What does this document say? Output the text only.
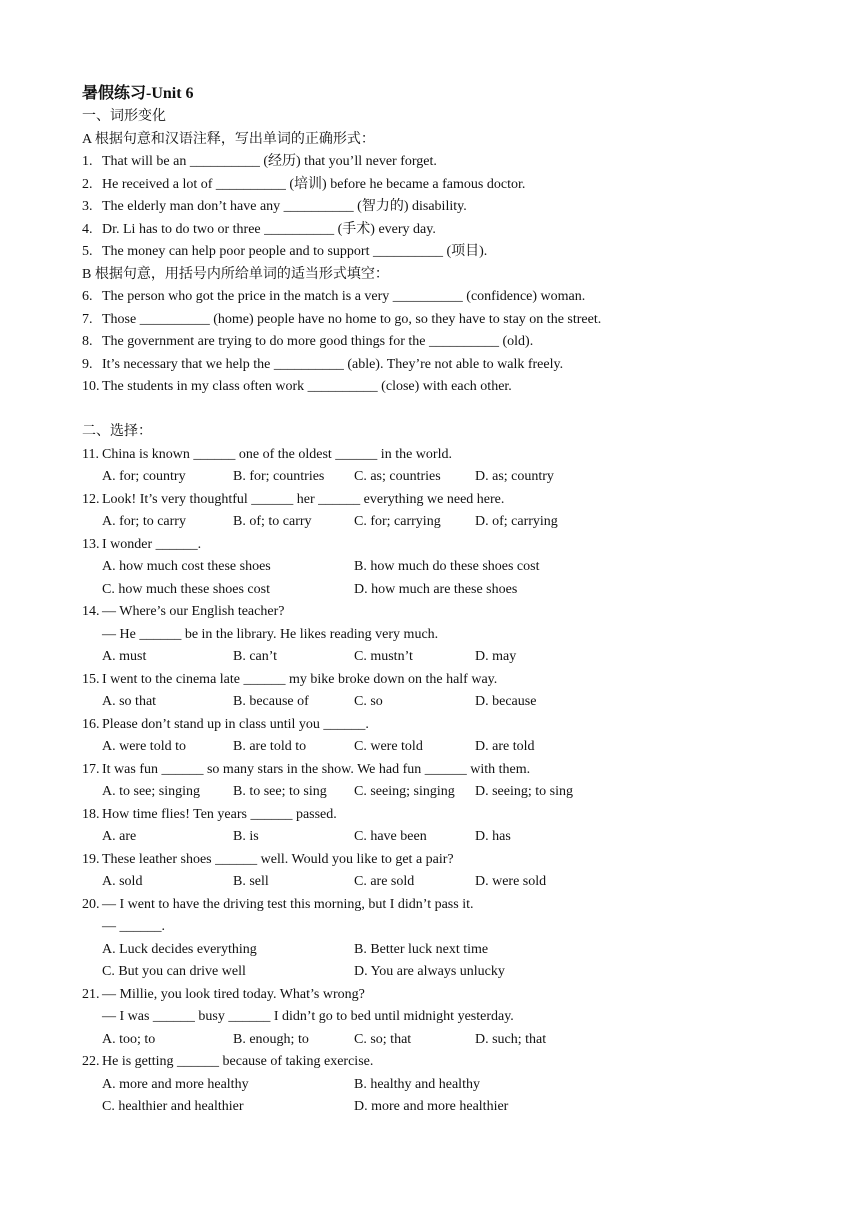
暑假练习-Unit 6
一、词形变化
A 根据句意和汉语注释，写出单词的正确形式：
1. That will be an __________ (经历) that you’ll never forget.
2. He received a lot of __________ (培训) before he became a famous doctor.
3. The elderly man don’t have any __________ (智力的) disability.
4. Dr. Li has to do two or three __________ (手术) every day.
5. The money can help poor people and to support __________ (项目).
B 根据句意，用括号内所给单词的适当形式填空：
6. The person who got the price in the match is a very __________ (confidence) woman.
7. Those __________ (home) people have no home to go, so they have to stay on the street.
8. The government are trying to do more good things for the __________ (old).
9. It’s necessary that we help the __________ (able). They’re not able to walk freely.
10. The students in my class often work __________ (close) with each other.
二、选择：
11. China is known ______ one of the oldest ______ in the world.
A. for; country	B. for; countries C. as; countries D. as; country
12. Look! It’s very thoughtful ______ her ______ everything we need here.
A. for; to carry	B. of; to carry	C. for; carrying D. of; carrying
13. I wonder ______.
A. how much cost these shoes	B. how much do these shoes cost
C. how much these shoes cost	D. how much are these shoes
14. — Where’s our English teacher?
— He ______ be in the library. He likes reading very much.
A. must	B. can’t	C. mustn’t	D. may
15. I went to the cinema late ______ my bike broke down on the half way.
A. so that	B. because of	C. so	D. because
16. Please don’t stand up in class until you ______.
A. were told to	B. are told to	C. were told	D. are told
17. It was fun ______ so many stars in the show. We had fun ______ with them.
A. to see; singing B. to see; to sing C. seeing; singing D. seeing; to sing
18. How time flies! Ten years ______ passed.
A. are	B. is	C. have been	D. has
19. These leather shoes ______ well. Would you like to get a pair?
A. sold	B. sell	C. are sold	D. were sold
20. — I went to have the driving test this morning, but I didn’t pass it.
— ______.
A. Luck decides everything	B. Better luck next time
C. But you can drive well	D. You are always unlucky
21. — Millie, you look tired today. What’s wrong?
— I was ______ busy ______ I didn’t go to bed until midnight yesterday.
A. too; to	B. enough; to	C. so; that	D. such; that
22. He is getting ______ because of taking exercise.
A. more and more healthy	B. healthy and healthy
C. healthier and healthier	D. more and more healthier
